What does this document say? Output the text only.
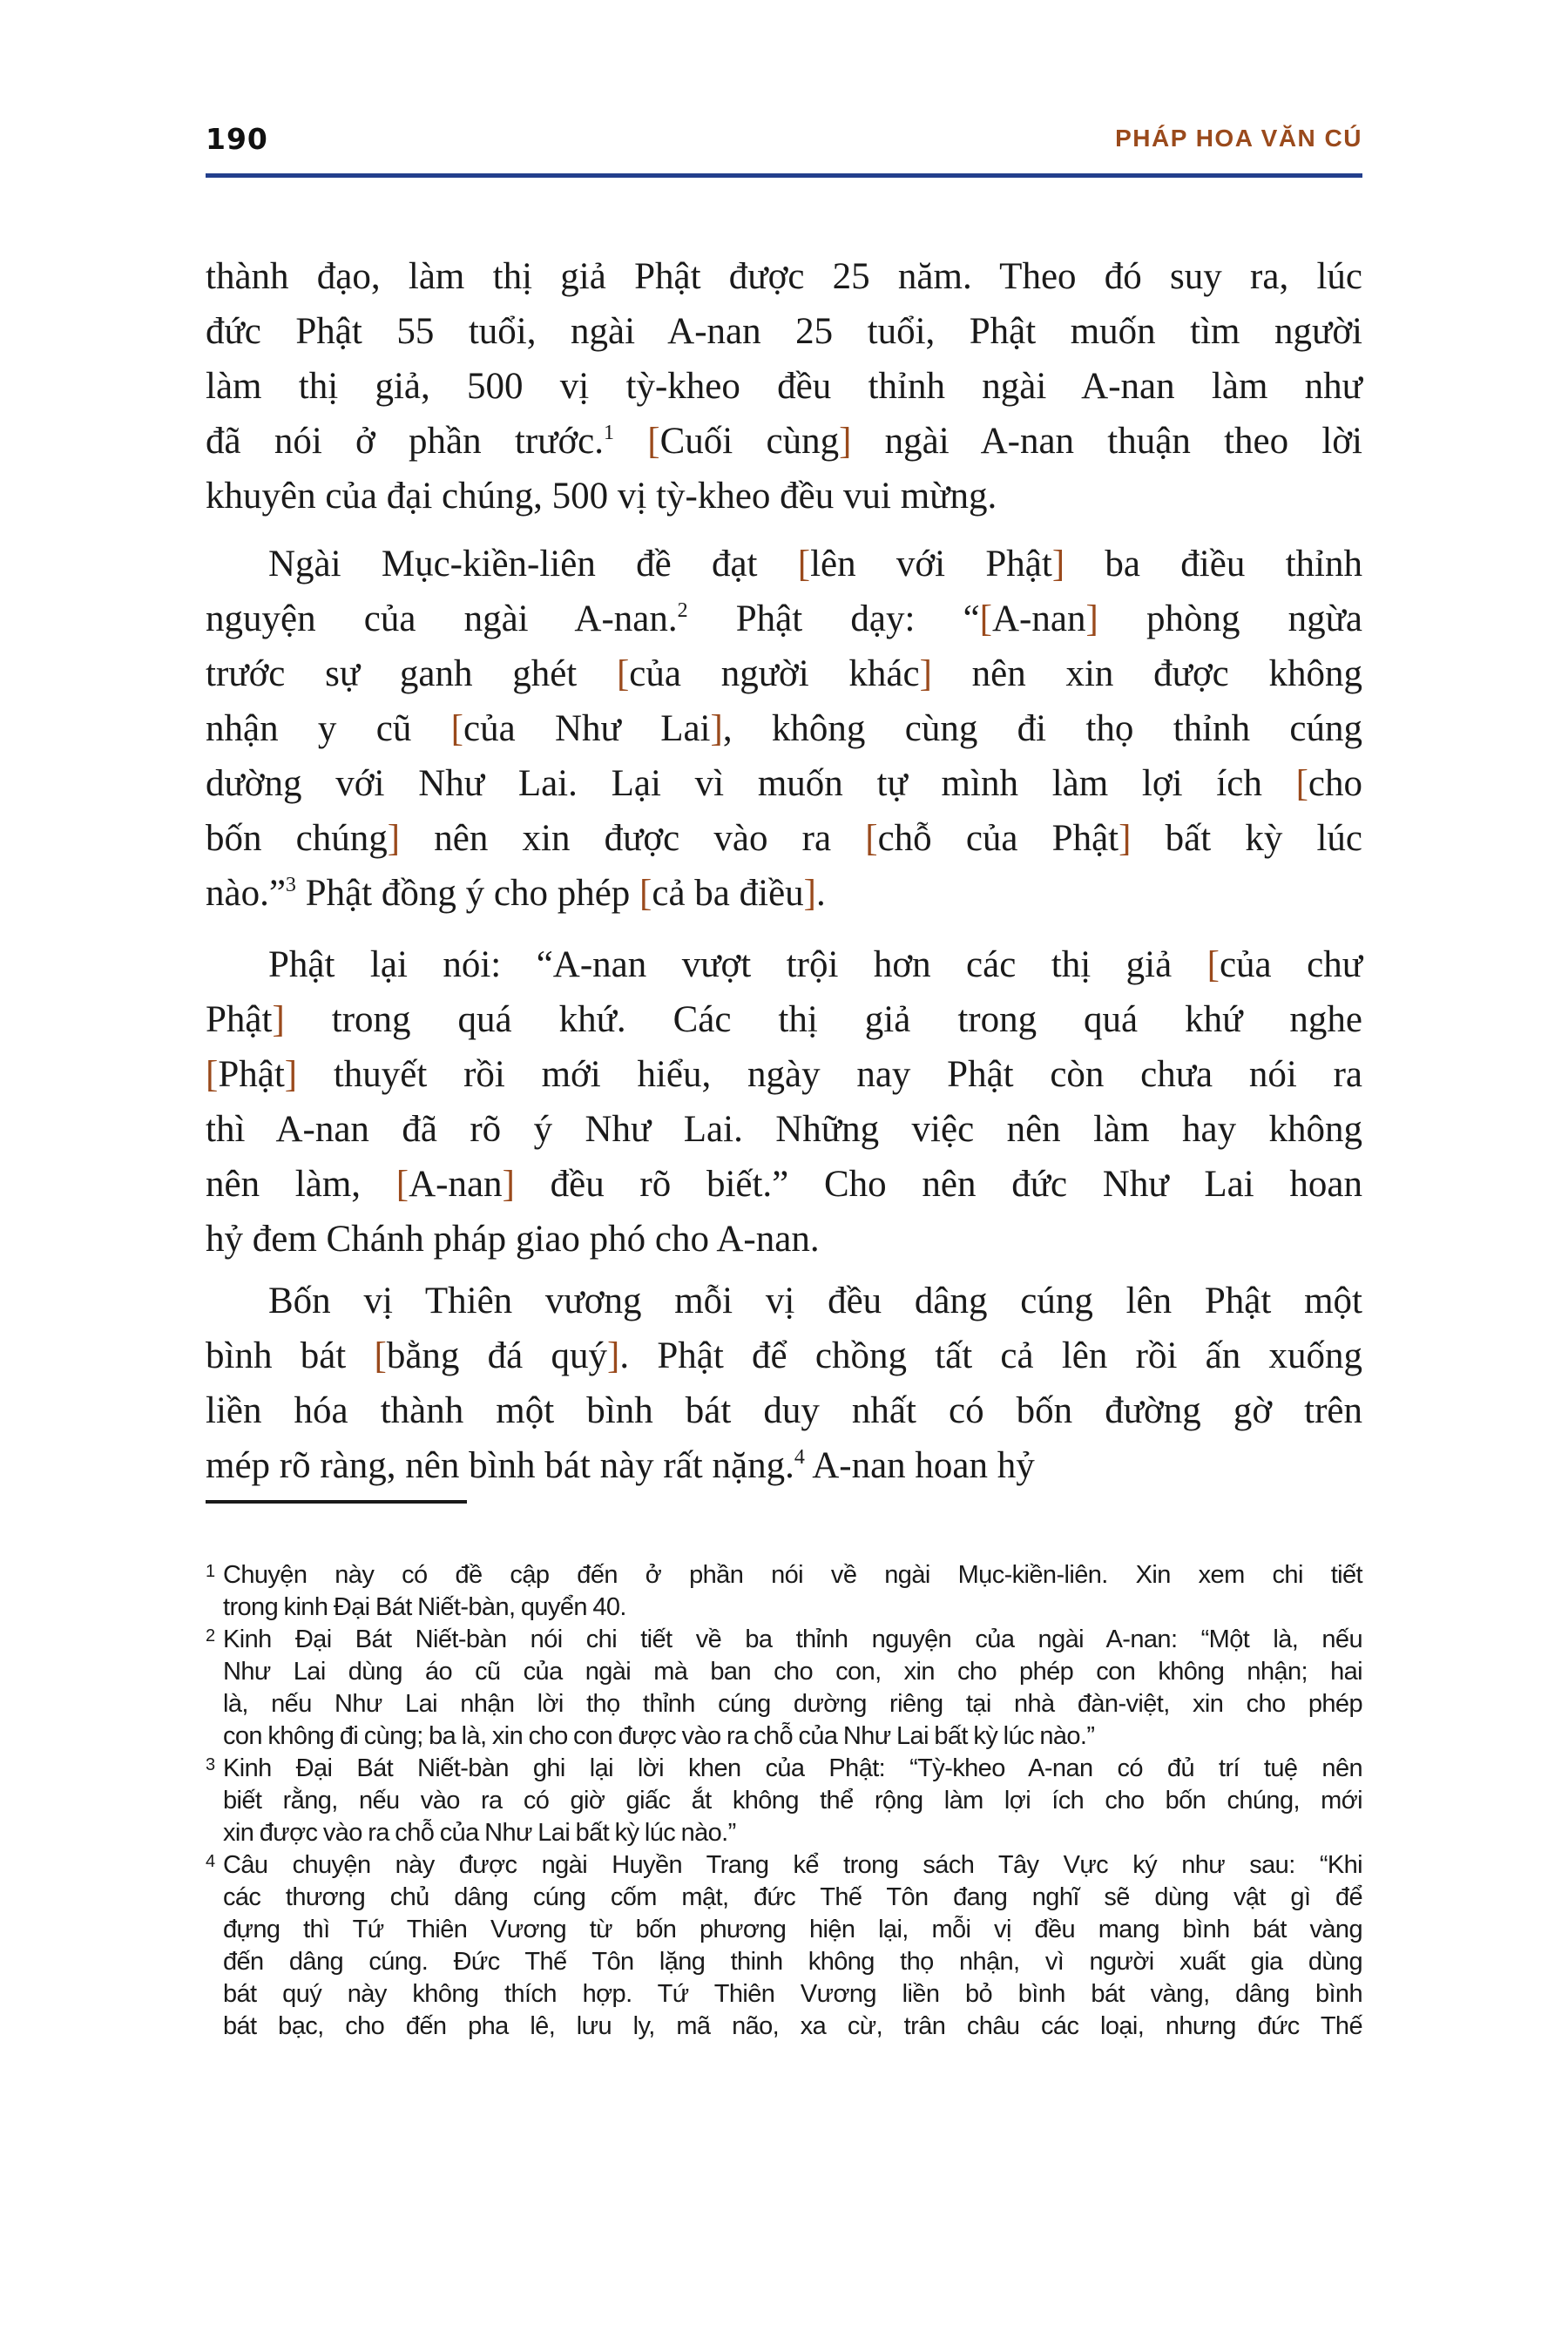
190	PHÁP HOA VĂN CÚ
thành đạo, làm thị giả Phật được 25 năm. Theo đó suy ra, lúc
đức Phật 55 tuổi, ngài A-nan 25 tuổi, Phật muốn tìm người
làm thị giả, 500 vị tỳ-kheo đều thỉnh ngài A-nan làm như
đã nói ở phần trước.$^1$ [Cuối cùng] ngài A-nan thuận theo lời
khuyên của đại chúng, 500 vị tỳ-kheo đều vui mừng.
Ngài Mục-kiền-liên đề đạt [lên với Phật] ba điều thỉnh
nguyện của ngài A-nan.$^2$ Phật dạy: “[A-nan] phòng ngừa
trước sự ganh ghét [của người khác] nên xin được không
nhận y cũ [của Như Lai], không cùng đi thọ thỉnh cúng
dường với Như Lai. Lại vì muốn tự mình làm lợi ích [cho
bốn chúng] nên xin được vào ra [chỗ của Phật] bất kỳ lúc
nào.”$^3$ Phật đồng ý cho phép [cả ba điều].
Phật lại nói: “A-nan vượt trội hơn các thị giả [của chư
Phật] trong quá khứ. Các thị giả trong quá khứ nghe
[Phật] thuyết rồi mới hiểu, ngày nay Phật còn chưa nói ra
thì A-nan đã rõ ý Như Lai. Những việc nên làm hay không
nên làm, [A-nan] đều rõ biết.” Cho nên đức Như Lai hoan
hỷ đem Chánh pháp giao phó cho A-nan.
Bốn vị Thiên vương mỗi vị đều dâng cúng lên Phật một
bình bát [bằng đá quý]. Phật để chồng tất cả lên rồi ấn xuống
liền hóa thành một bình bát duy nhất có bốn đường gờ trên
mép rõ ràng, nên bình bát này rất nặng.$^4$ A-nan hoan hỷ
1 Chuyện này có đề cập đến ở phần nói về ngài Mục-kiền-liên. Xin xem chi tiết
trong kinh Đại Bát Niết-bàn, quyển 40.
2 Kinh Đại Bát Niết-bàn nói chi tiết về ba thỉnh nguyện của ngài A-nan: “Một là, nếu
Như Lai dùng áo cũ của ngài mà ban cho con, xin cho phép con không nhận; hai
là, nếu Như Lai nhận lời thọ thỉnh cúng dường riêng tại nhà đàn-việt, xin cho phép
con không đi cùng; ba là, xin cho con được vào ra chỗ của Như Lai bất kỳ lúc nào.”
3 Kinh Đại Bát Niết-bàn ghi lại lời khen của Phật: “Tỳ-kheo A-nan có đủ trí tuệ nên
biết rằng, nếu vào ra có giờ giấc ắt không thể rộng làm lợi ích cho bốn chúng, mới
xin được vào ra chỗ của Như Lai bất kỳ lúc nào.”
4 Câu chuyện này được ngài Huyền Trang kể trong sách Tây Vực ký như sau: “Khi
các thương chủ dâng cúng cốm mật, đức Thế Tôn đang nghĩ sẽ dùng vật gì để
đựng thì Tứ Thiên Vương từ bốn phương hiện lại, mỗi vị đều mang bình bát vàng
đến dâng cúng. Đức Thế Tôn lặng thinh không thọ nhận, vì người xuất gia dùng
bát quý này không thích hợp. Tứ Thiên Vương liền bỏ bình bát vàng, dâng bình
bát bạc, cho đến pha lê, lưu ly, mã não, xa cừ, trân châu các loại, nhưng đức Thế
